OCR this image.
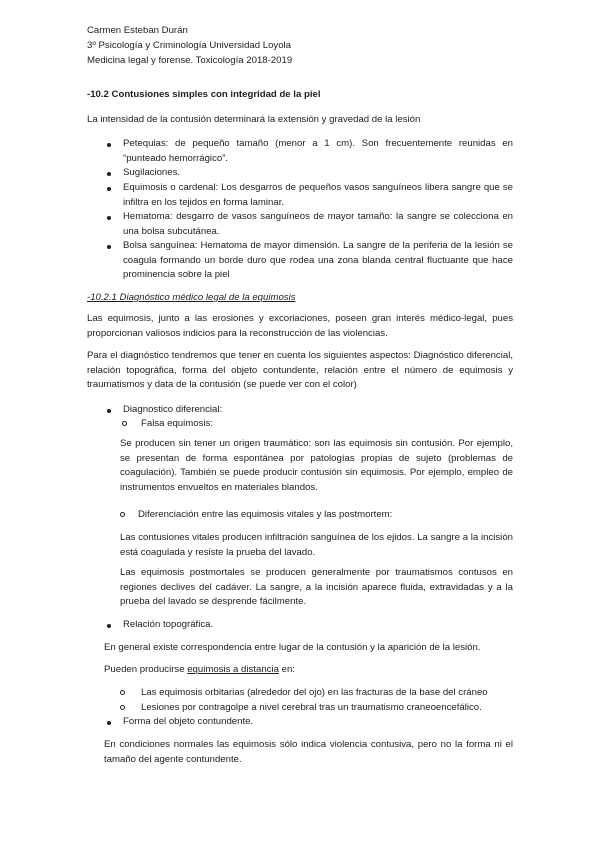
Carmen Esteban Durán
3º Psicología y Criminología Universidad Loyola
Medicina legal y forense. Toxicología 2018-2019
-10.2 Contusiones simples con integridad de la piel
La intensidad de la contusión determinará la extensión y gravedad de la lesión
Petequias: de pequeño tamaño (menor a 1 cm). Son frecuentemente reunidas en “punteado hemorrágico”.
Sugilaciones.
Equimosis o cardenal: Los desgarros de pequeños vasos sanguíneos libera sangre que se infiltra en los tejidos en forma laminar.
Hematoma: desgarro de vasos sanguíneos de mayor tamaño: la sangre se colecciona en una bolsa subcutánea.
Bolsa sanguínea: Hematoma de mayor dimensión. La sangre de la periferia de la lesión se coagula formando un borde duro que rodea una zona blanda central fluctuante que hace prominencia sobre la piel
-10.2.1 Diagnóstico médico legal de la equimosis
Las equimosis, junto a las erosiones y excoriaciones, poseen gran interés médico-legal, pues proporcionan valiosos indicios para la reconstrucción de las violencias.
Para el diagnóstico tendremos que tener en cuenta los siguientes aspectos: Diagnóstico diferencial, relación topográfica, forma del objeto contundente, relación entre el número de equimosis y traumatismos y data de la contusión (se puede ver con el color)
Diagnostico diferencial:
Falsa equimosis:
Se producen sin tener un origen traumático: son las equimosis sin contusión. Por ejemplo, se presentan de forma espontánea por patologías propias de sujeto (problemas de coagulación). También se puede producir contusión sin equimosis. Por ejemplo, empleo de instrumentos envueltos en materiales blandos.
Diferenciación entre las equimosis vitales y las postmortem:
Las contusiones vitales producen infiltración sanguínea de los ejidos. La sangre a la incisión está coagulada y resiste la prueba del lavado.
Las equimosis postmortales se producen generalmente por traumatismos contusos en regiones declives del cadáver. La sangre, a la incisión aparece fluida, extravidadas y a la prueba del lavado se desprende fácilmente.
Relación topográfica.
En general existe correspondencia entre lugar de la contusión y la aparición de la lesión.
Pueden producirse equimosis a distancia en:
Las equimosis orbitarias (alrededor del ojo) en las fracturas de la base del cráneo
Lesiones por contragolpe a nivel cerebral tras un traumatismo craneoencefálico.
Forma del objeto contundente.
En condiciones normales las equimosis sólo indica violencia contusiva, pero no la forma ni el tamaño del agente contundente.
